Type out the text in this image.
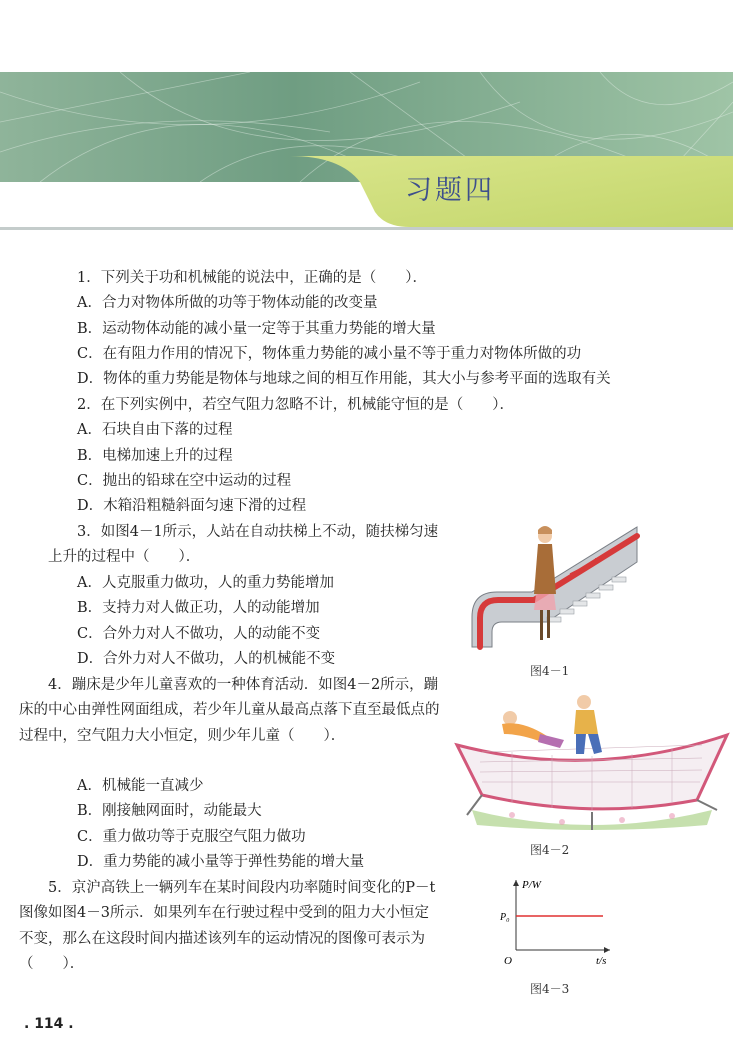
习题四

1．下列关于功和机械能的说法中，正确的是（　　）．

A．合力对物体所做的功等于物体动能的改变量

B．运动物体动能的减小量一定等于其重力势能的增大量

C．在有阻力作用的情况下，物体重力势能的减小量不等于重力对物体所做的功

D．物体的重力势能是物体与地球之间的相互作用能，其大小与参考平面的选取有关

2．在下列实例中，若空气阻力忽略不计，机械能守恒的是（　　）．

A．石块自由下落的过程

B．电梯加速上升的过程

C．抛出的铅球在空中运动的过程

D．木箱沿粗糙斜面匀速下滑的过程

3．如图4－1所示，人站在自动扶梯上不动，随扶梯匀速上升的过程中（　　）．

A．人克服重力做功，人的重力势能增加

B．支持力对人做正功，人的动能增加

C．合外力对人不做功，人的动能不变

D．合外力对人不做功，人的机械能不变

图4－1

4．蹦床是少年儿童喜欢的一种体育活动．如图4－2所示，蹦床的中心由弹性网面组成，若少年儿童从最高点落下直至最低点的过程中，空气阻力大小恒定，则少年儿童（　　）．

A．机械能一直减少

B．刚接触网面时，动能最大

C．重力做功等于克服空气阻力做功

D．重力势能的减小量等于弹性势能的增大量

图4－2

5．京沪高铁上一辆列车在某时间段内功率随时间变化的P－t图像如图4－3所示．如果列车在行驶过程中受到的阻力大小恒定不变，那么在这段时间内描述该列车的运动情况的图像可表示为（　　）．

P/W
P₀
O	t/s
图4－3
. 114 .
